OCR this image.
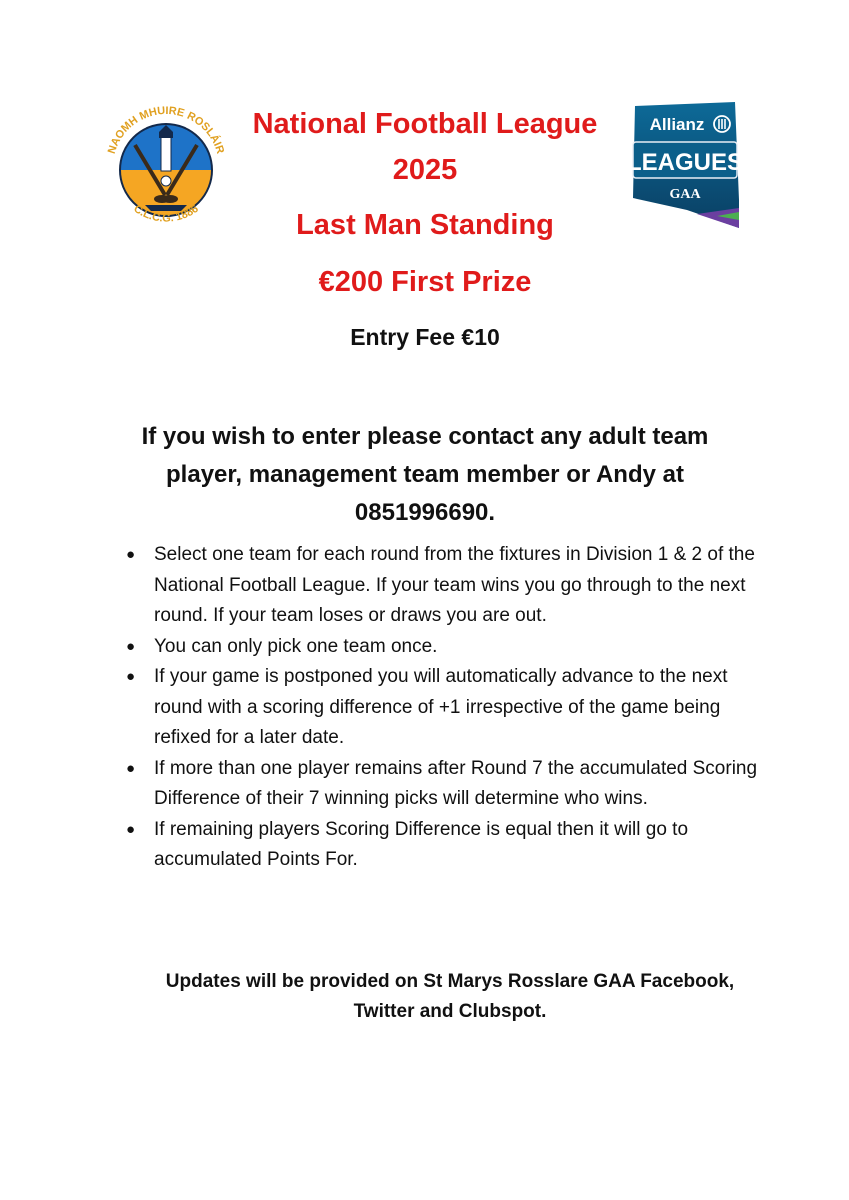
NAOMH MHUIRE ROSLÁIR
C.L.C.G. 1886
Allianz
LEAGUES
GAA
National Football League
2025
Last Man Standing
€200 First Prize
Entry Fee €10
If you wish to enter please contact any adult team
player, management team member or Andy at
0851996690.
● Select one team for each round from the fixtures in Division 1 & 2 of the National Football League. If your team wins you go through to the next round. If your team loses or draws you are out.
● You can only pick one team once.
● If your game is postponed you will automatically advance to the next round with a scoring difference of +1 irrespective of the game being refixed for a later date.
● If more than one player remains after Round 7 the accumulated Scoring Difference of their 7 winning picks will determine who wins.
● If remaining players Scoring Difference is equal then it will go to accumulated Points For.
Updates will be provided on St Marys Rosslare GAA Facebook,
Twitter and Clubspot.
